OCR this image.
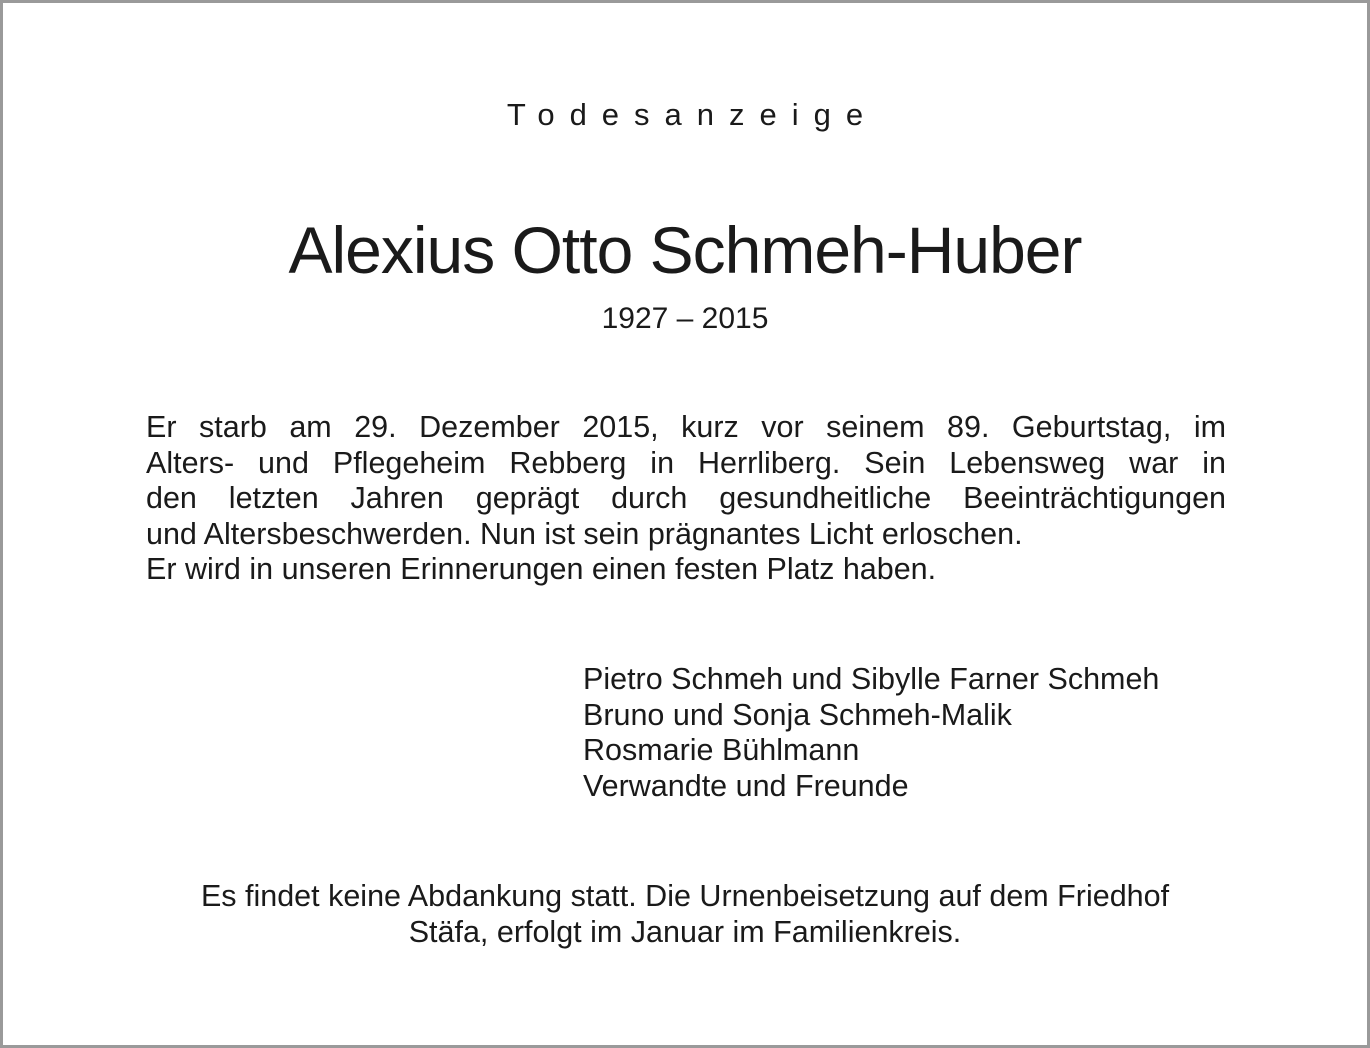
Todesanzeige
Alexius Otto Schmeh-Huber
1927 – 2015
Er starb am 29. Dezember 2015, kurz vor seinem 89. Geburtstag, im
Alters- und Pflegeheim Rebberg in Herrliberg. Sein Lebensweg war in
den letzten Jahren geprägt durch gesundheitliche Beeinträchtigungen
und Altersbeschwerden. Nun ist sein prägnantes Licht erloschen.
Er wird in unseren Erinnerungen einen festen Platz haben.
Pietro Schmeh und Sibylle Farner Schmeh
Bruno und Sonja Schmeh-Malik
Rosmarie Bühlmann
Verwandte und Freunde
Es findet keine Abdankung statt. Die Urnenbeisetzung auf dem Friedhof
Stäfa, erfolgt im Januar im Familienkreis.
